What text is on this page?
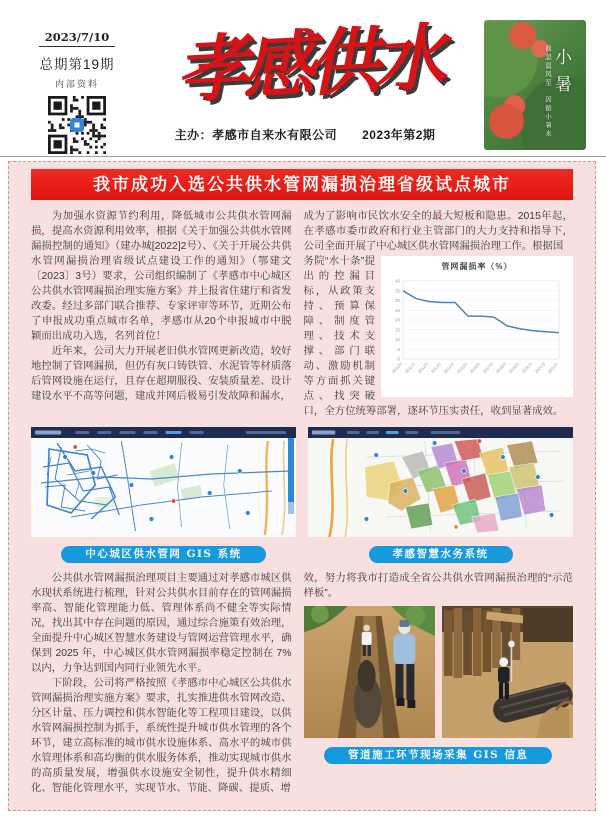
2023/7/10
总期第19期
内部资料	孝感供水
主办：孝感市自来水有限公司　　2023年第2期
小暑
倏忽温风至　因循小暑来
我市成功入选公共供水管网漏损治理省级试点城市

为加强水资源节约利用，降低城市公共供水管网漏损，提高水资源利用效率，根据《关于加强公共供水管网漏损控制的通知》（建办城[2022]2号）、《关于开展公共供水管网漏损治理省级试点建设工作的通知》（鄂建文〔2023〕3号）要求，公司组织编制了《孝感市中心城区公共供水管网漏损治理实施方案》并上报省住建厅和省发改委。经过多部门联合推荐、专家评审等环节，近期公布了申报成功重点城市名单，孝感市从20个申报城市中脱颖而出成功入选，名列首位！

近年来，公司大力开展老旧供水管网更新改造，较好地控制了管网漏损，但仍有灰口铸铁管、水泥管等材质落后管网设施在运行，且存在超期服役、安装质量差、设计建设水平不高等问题，建成并网后极易引发故障和漏水，

成为了影响市民饮水安全的最大短板和隐患。2015年起，在孝感市委市政府和行业主管部门的大力支持和指导下，公司全面开展了中心城区供水管网漏损治理工作。根据国

管网漏损率（%）
0
5
10
15
20
25
30
35
40
2010年 2011年 2012年 2013年 2014年 2015年 2016年 2017年 2018年 2019年 2020年 2021年 2022年

务院“水十条”提出的控漏目标，从政策支持、预算保障、制度管理、技术支撑、部门联动、激励机制等方面抓关键点、找突破口，全方位统筹部署，逐环节压实责任，收到显著成效。

中心城区供水管网 GIS 系统	孝感智慧水务系统

公共供水管网漏损治理项目主要通过对孝感市城区供水现状系统进行梳理，针对公共供水目前存在的管网漏损率高、智能化管理能力低、管理体系尚不健全等实际情况，找出其中存在问题的原因，通过综合施策有效治理，全面提升中心城区智慧水务建设与管网运营管理水平，确保到 2025 年，中心城区供水管网漏损率稳定控制在 7%以内，力争达到国内同行业领先水平。

下阶段，公司将严格按照《孝感市中心城区公共供水管网漏损治理实施方案》要求，扎实推进供水管网改造、分区计量、压力调控和供水智能化等工程项目建设，以供水管网漏损控制为抓手，系统性提升城市供水管理的各个环节，建立高标准的城市供水设施体系、高水平的城市供水管理体系和高均衡的供水服务体系，推动实现城市供水的高质量发展，增强供水设施安全韧性，提升供水精细化、智能化管理水平，实现节水、节能、降碳、提质、增

效，努力将我市打造成全省公共供水管网漏损治理的“示范样板”。

管道施工环节现场采集 GIS 信息
